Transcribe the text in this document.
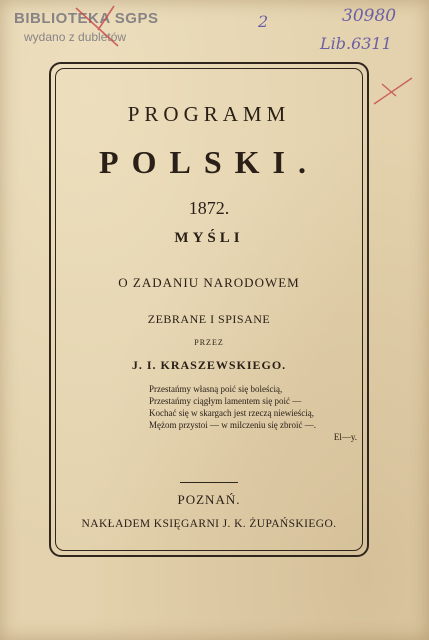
BIBLIOTEKA SGPS
wydano z dubletów
2	30980
Lib.6311
PROGRAMM
POLSKI.
1872.
MYŚLI
O ZADANIU NARODOWEM
ZEBRANE I SPISANE
PRZEZ
J. I. KRASZEWSKIEGO.
Przestańmy własną poić się boleścią,
Przestańmy ciągłym lamentem się poić —
Kochać się w skargach jest rzeczą niewieścią,
Mężom przystoi — w milczeniu się zbroić —.
El—y.
POZNAŃ.
NAKŁADEM KSIĘGARNI J. K. ŻUPAŃSKIEGO.
